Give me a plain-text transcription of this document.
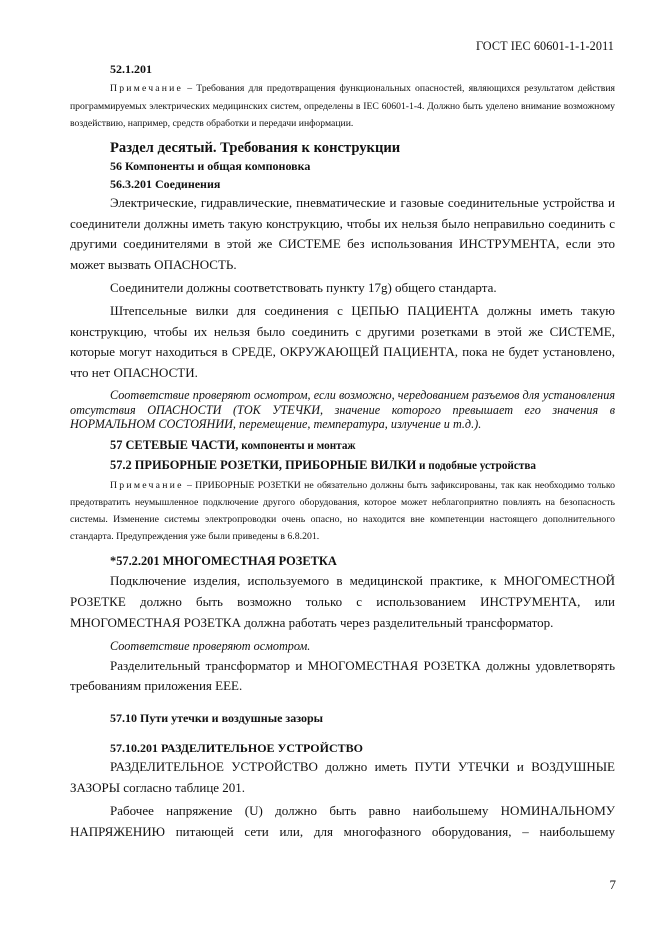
ГОСТ IEC 60601-1-1-2011
52.1.201

Примечание – Требования для предотвращения функциональных опасностей, являющихся результатом действия программируемых электрических медицинских систем, определены в IEC 60601-1-4. Должно быть уделено внимание возможному воздействию, например, средств обработки и передачи информации.

Раздел десятый. Требования к конструкции
56 Компоненты и общая компоновка
56.3.201 Соединения

Электрические, гидравлические, пневматические и газовые соединительные устройства и соединители должны иметь такую конструкцию, чтобы их нельзя было неправильно соединить с другими соединителями в этой же СИСТЕМЕ без использования ИНСТРУМЕНТА, если это может вызвать ОПАСНОСТЬ.

Соединители должны соответствовать пункту 17g) общего стандарта.

Штепсельные вилки для соединения с ЦЕПЬЮ ПАЦИЕНТА должны иметь такую конструкцию, чтобы их нельзя было соединить с другими розетками в этой же СИСТЕМЕ, которые могут находиться в СРЕДЕ, ОКРУЖАЮЩЕЙ ПАЦИЕНТА, пока не будет установлено, что нет ОПАСНОСТИ.

Соответствие проверяют осмотром, если возможно, чередованием разъемов для установления отсутствия ОПАСНОСТИ (ТОК УТЕЧКИ, значение которого превышает его значения в НОРМАЛЬНОМ СОСТОЯНИИ, перемещение, температура, излучение и т.д.).

57 СЕТЕВЫЕ ЧАСТИ, компоненты и монтаж
57.2 ПРИБОРНЫЕ РОЗЕТКИ, ПРИБОРНЫЕ ВИЛКИ и подобные устройства

Примечание – ПРИБОРНЫЕ РОЗЕТКИ не обязательно должны быть зафиксированы, так как необходимо только предотвратить неумышленное подключение другого оборудования, которое может неблагоприятно повлиять на безопасность системы. Изменение системы электропроводки очень опасно, но находится вне компетенции настоящего дополнительного стандарта. Предупреждения уже были приведены в 6.8.201.

*57.2.201 МНОГОМЕСТНАЯ РОЗЕТКА

Подключение изделия, используемого в медицинской практике, к МНОГОМЕСТНОЙ РОЗЕТКЕ должно быть возможно только с использованием ИНСТРУМЕНТА, или МНОГОМЕСТНАЯ РОЗЕТКА должна работать через разделительный трансформатор.

Соответствие проверяют осмотром.

Разделительный трансформатор и МНОГОМЕСТНАЯ РОЗЕТКА должны удовлетворять требованиям приложения ЕЕЕ.

57.10 Пути утечки и воздушные зазоры
57.10.201 РАЗДЕЛИТЕЛЬНОЕ УСТРОЙСТВО

РАЗДЕЛИТЕЛЬНОЕ УСТРОЙСТВО должно иметь ПУТИ УТЕЧКИ и ВОЗДУШНЫЕ ЗАЗОРЫ согласно таблице 201.

Рабочее напряжение (U) должно быть равно наибольшему НОМИНАЛЬНОМУ НАПРЯЖЕНИЮ питающей сети или, для многофазного оборудования, – наибольшему

7
